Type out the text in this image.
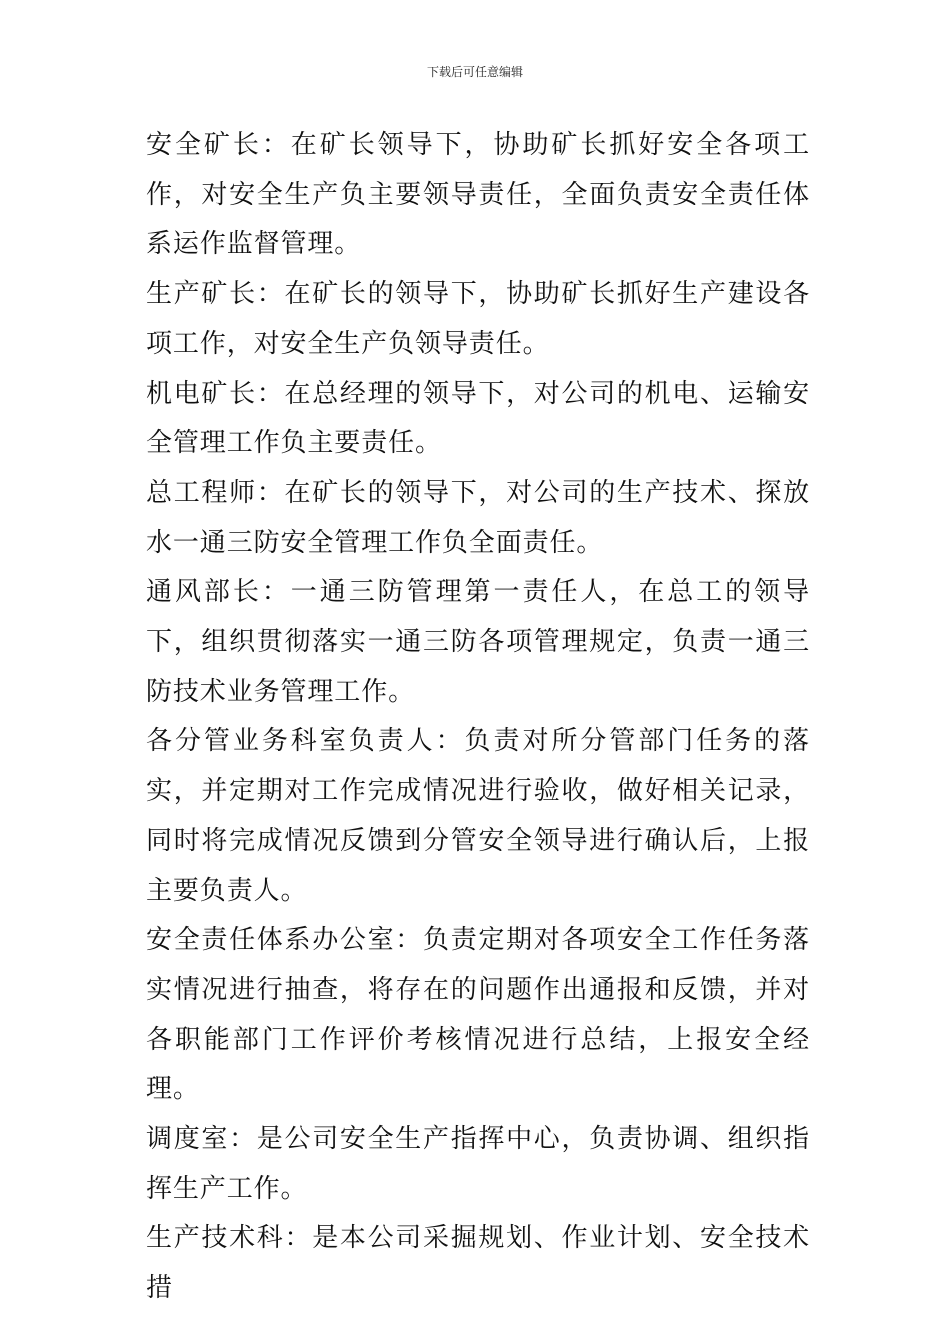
下载后可任意编辑

安全矿长：在矿长领导下，协助矿长抓好安全各项工作，对安全生产负主要领导责任，全面负责安全责任体系运作监督管理。

生产矿长：在矿长的领导下，协助矿长抓好生产建设各项工作，对安全生产负领导责任。

机电矿长：在总经理的领导下，对公司的机电、运输安全管理工作负主要责任。

总工程师：在矿长的领导下，对公司的生产技术、探放水一通三防安全管理工作负全面责任。

通风部长：一通三防管理第一责任人，在总工的领导下，组织贯彻落实一通三防各项管理规定，负责一通三防技术业务管理工作。

各分管业务科室负责人：负责对所分管部门任务的落实，并定期对工作完成情况进行验收，做好相关记录，同时将完成情况反馈到分管安全领导进行确认后，上报主要负责人。

安全责任体系办公室：负责定期对各项安全工作任务落实情况进行抽查，将存在的问题作出通报和反馈，并对各职能部门工作评价考核情况进行总结，上报安全经理。

调度室：是公司安全生产指挥中心，负责协调、组织指挥生产工作。

生产技术科：是本公司采掘规划、作业计划、安全技术措
